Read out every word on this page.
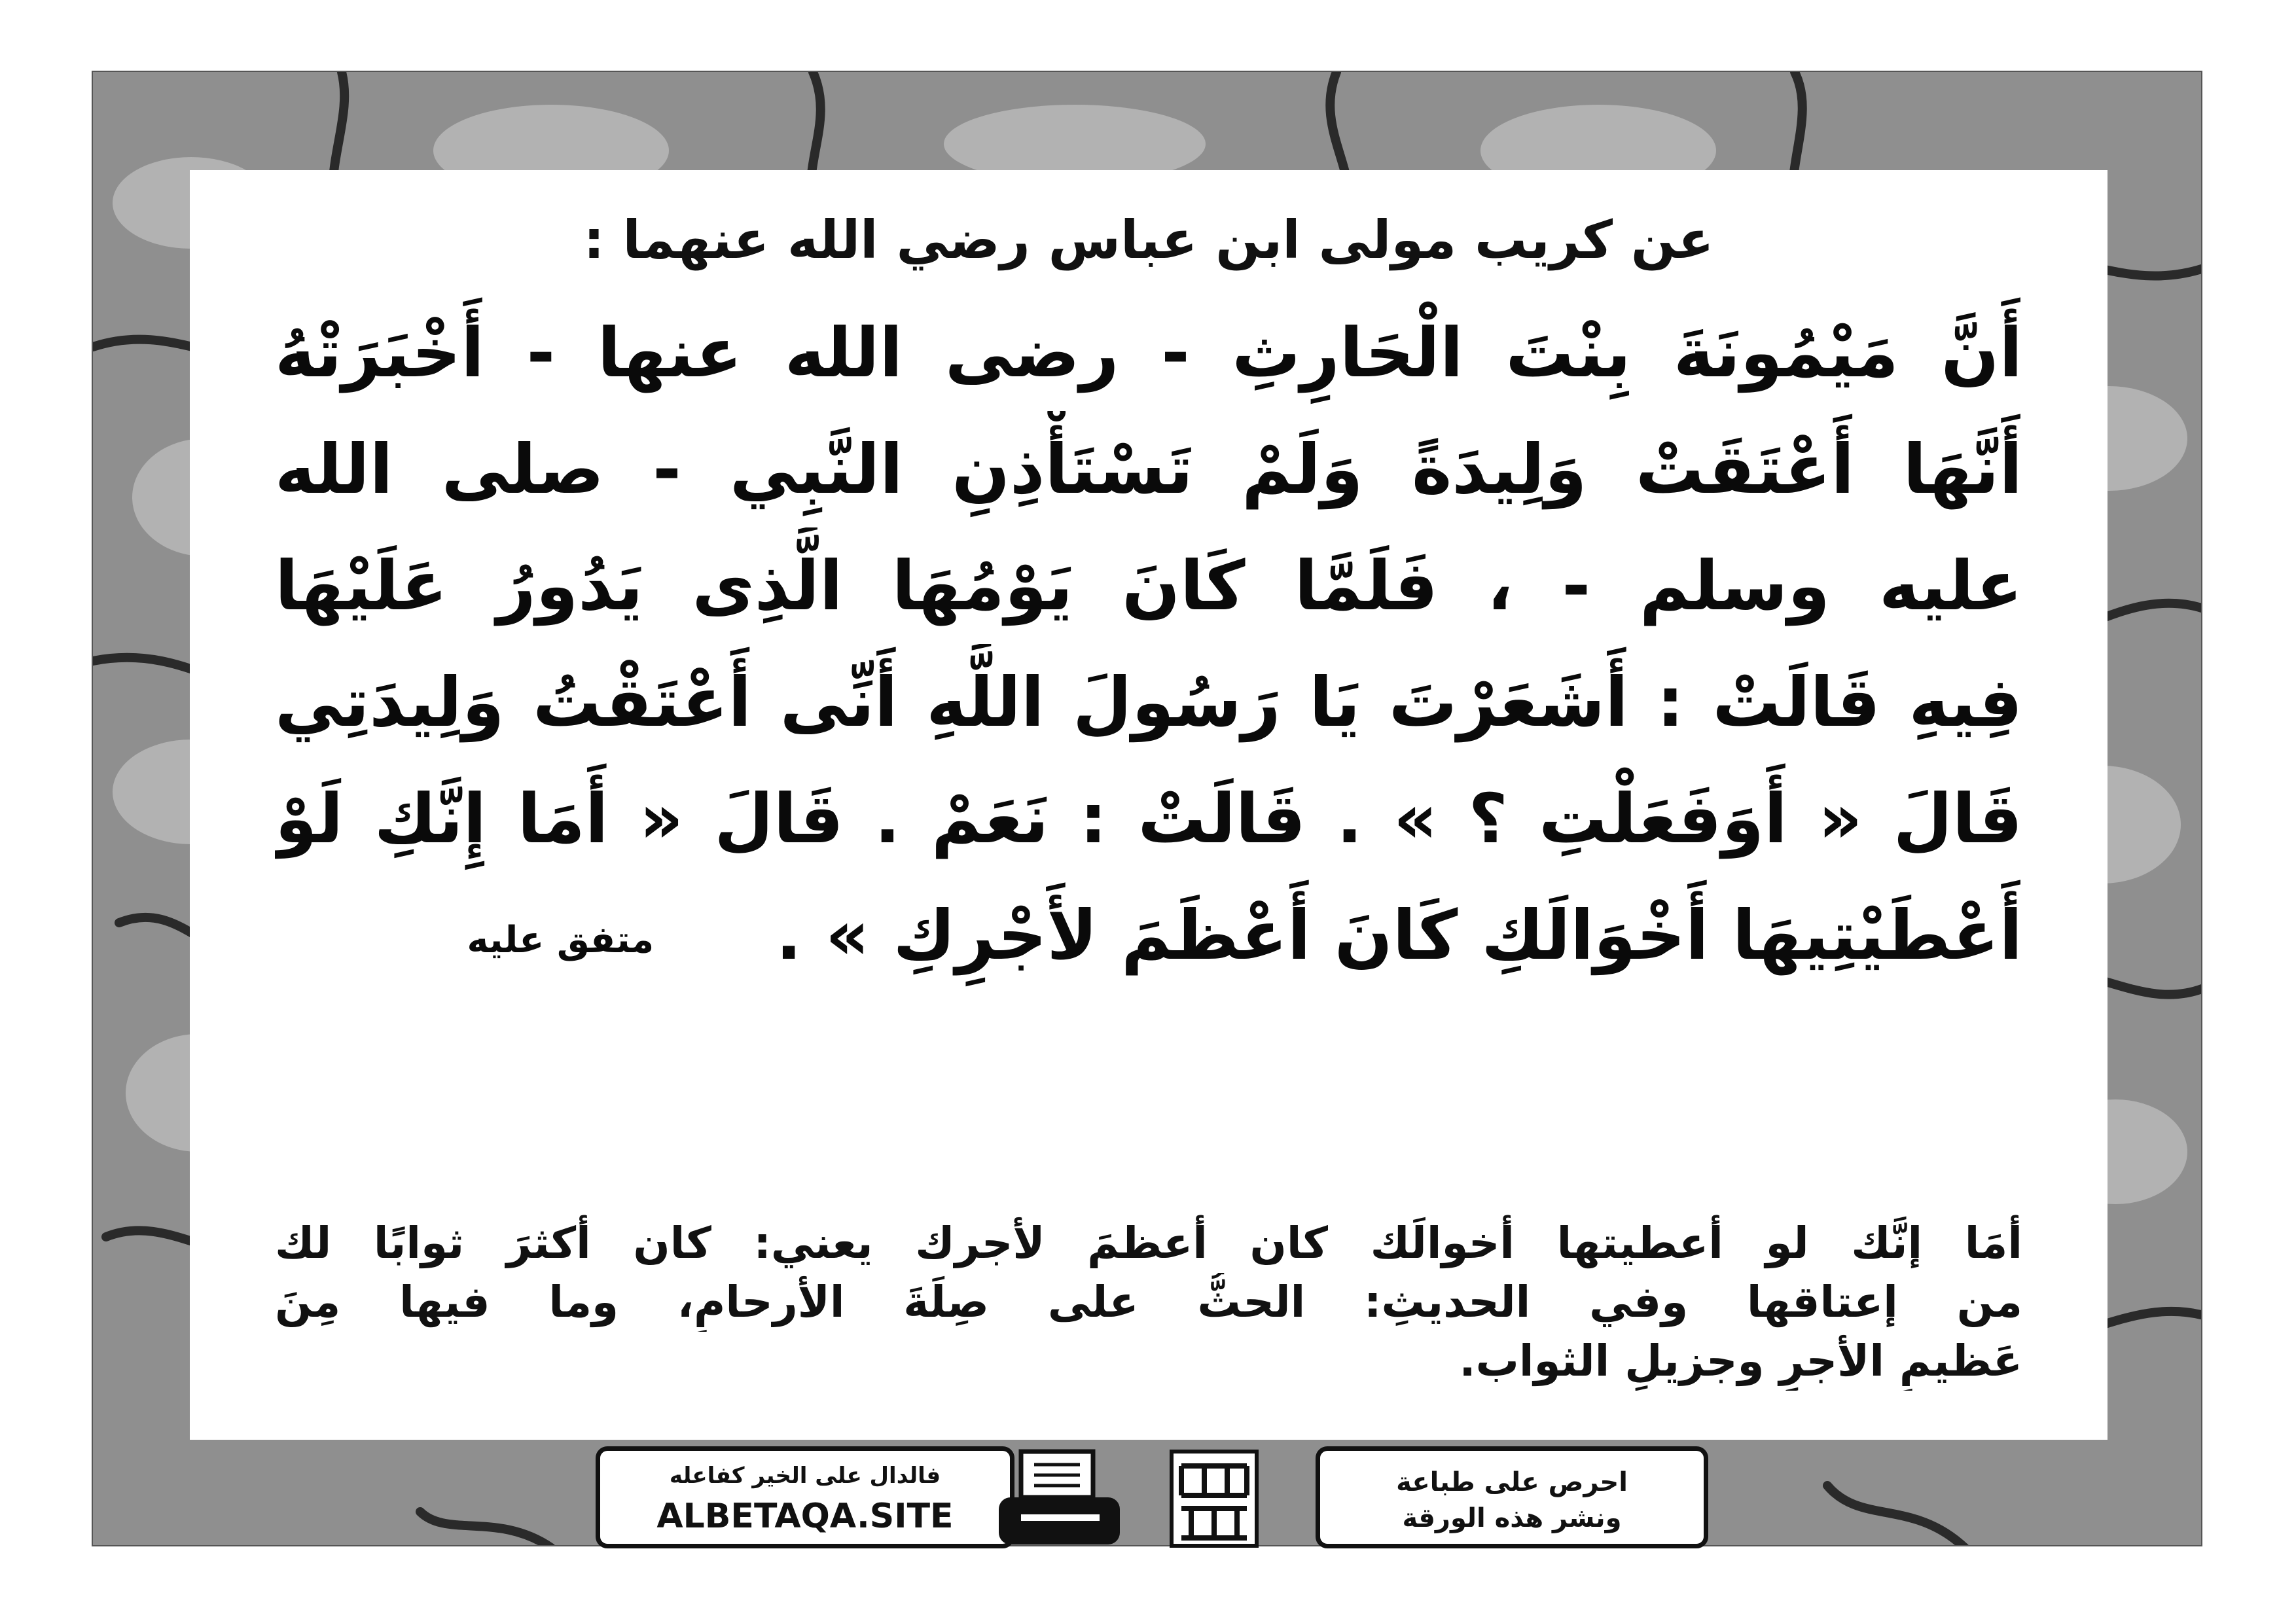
عن كريب مولى ابن عباس رضي الله عنهما :
أَنَّ مَيْمُونَةَ بِنْتَ الْحَارِثِ - رضى الله عنها - أَخْبَرَتْهُ
أَنَّهَا أَعْتَقَتْ وَلِيدَةً وَلَمْ تَسْتَأْذِنِ النَّبِي - صلى الله
عليه وسلم - ، فَلَمَّا كَانَ يَوْمُهَا الَّذِى يَدُورُ عَلَيْهَا
فِيهِ قَالَتْ : أَشَعَرْتَ يَا رَسُولَ اللَّهِ أَنِّى أَعْتَقْتُ وَلِيدَتِي
قَالَ « أَوَفَعَلْتِ ؟ » . قَالَتْ : نَعَمْ . قَالَ « أَمَا إِنَّكِ لَوْ
أَعْطَيْتِيهَا أَخْوَالَكِ كَانَ أَعْظَمَ لأَجْرِكِ » . متفق عليه
أمَا إنَّك لو أعطيتها أخوالَك كان أعظمَ لأجرك يعني: كان أكثرَ ثوابًا لك
من إعتاقها وفي الحديثِ: الحثُّ على صِلَةَ الأرحامِ، وما فيها مِنَ
عَظيمِ الأجرِ وجزيلِ الثواب.
فالدال على الخير كفاعله
ALBETAQA.SITE
احرص على طباعة
ونشر هذه الورقة
